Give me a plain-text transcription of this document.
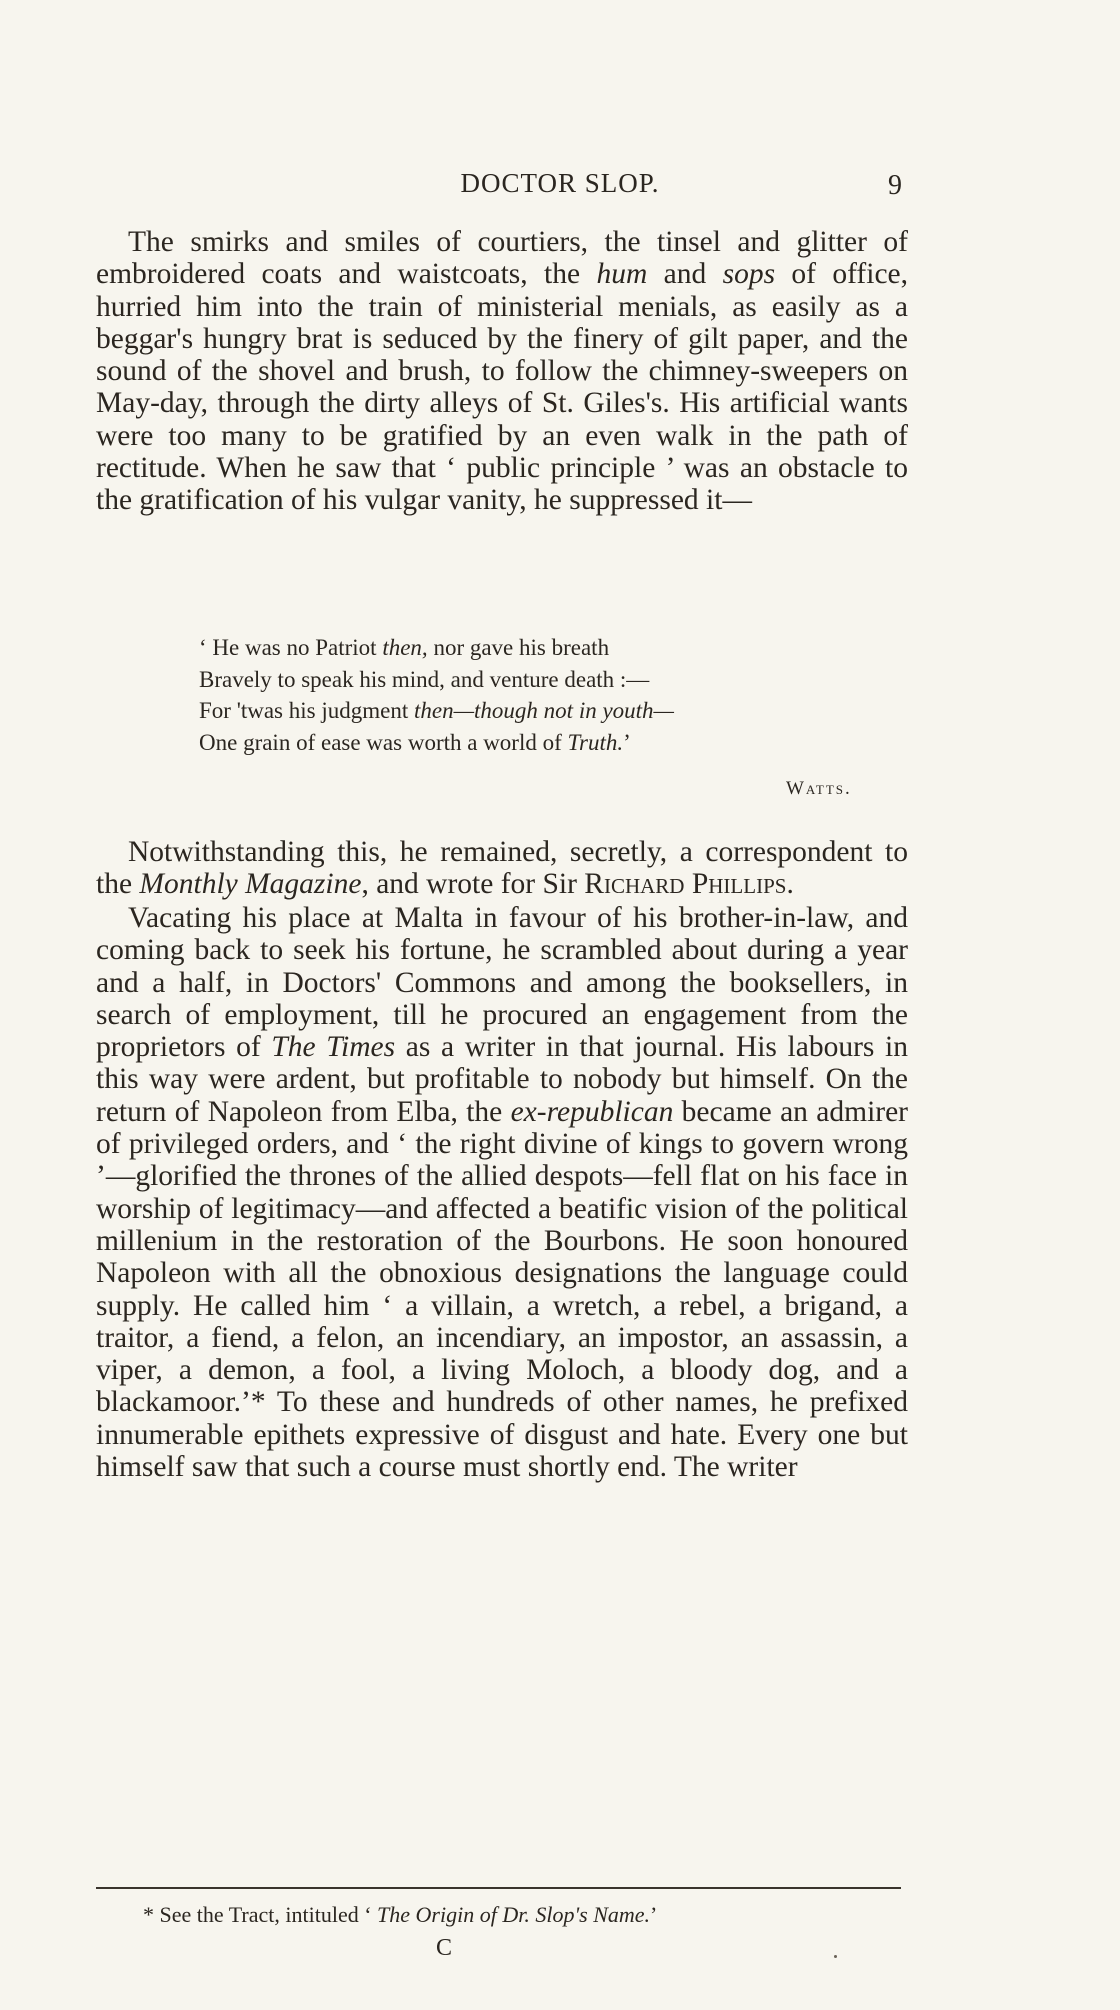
DOCTOR SLOP.	9

The smirks and smiles of courtiers, the tinsel and glitter of embroidered coats and waistcoats, the hum and sops of office, hurried him into the train of ministerial menials, as easily as a beggar's hungry brat is seduced by the finery of gilt paper, and the sound of the shovel and brush, to follow the chimney-sweepers on May-day, through the dirty alleys of St. Giles's. His artificial wants were too many to be gratified by an even walk in the path of rectitude. When he saw that ‘ public principle ’ was an obstacle to the gratification of his vulgar vanity, he suppressed it—

‘ He was no Patriot then, nor gave his breath
Bravely to speak his mind, and venture death :—
For 'twas his judgment then—though not in youth—
One grain of ease was worth a world of Truth.’
Watts.

Notwithstanding this, he remained, secretly, a correspondent to the Monthly Magazine, and wrote for Sir Richard Phillips.

Vacating his place at Malta in favour of his brother-in-law, and coming back to seek his fortune, he scrambled about during a year and a half, in Doctors' Commons and among the booksellers, in search of employment, till he procured an engagement from the proprietors of The Times as a writer in that journal. His labours in this way were ardent, but profitable to nobody but himself. On the return of Napoleon from Elba, the ex-republican became an admirer of privileged orders, and ‘ the right divine of kings to govern wrong ’—glorified the thrones of the allied despots—fell flat on his face in worship of legitimacy—and affected a beatific vision of the political millenium in the restoration of the Bourbons. He soon honoured Napoleon with all the obnoxious designations the language could supply. He called him ‘ a villain, a wretch, a rebel, a brigand, a traitor, a fiend, a felon, an incendiary, an impostor, an assassin, a viper, a demon, a fool, a living Moloch, a bloody dog, and a blackamoor.’* To these and hundreds of other names, he prefixed innumerable epithets expressive of disgust and hate. Every one but himself saw that such a course must shortly end. The writer

* See the Tract, intituled ‘ The Origin of Dr. Slop's Name.’
C
